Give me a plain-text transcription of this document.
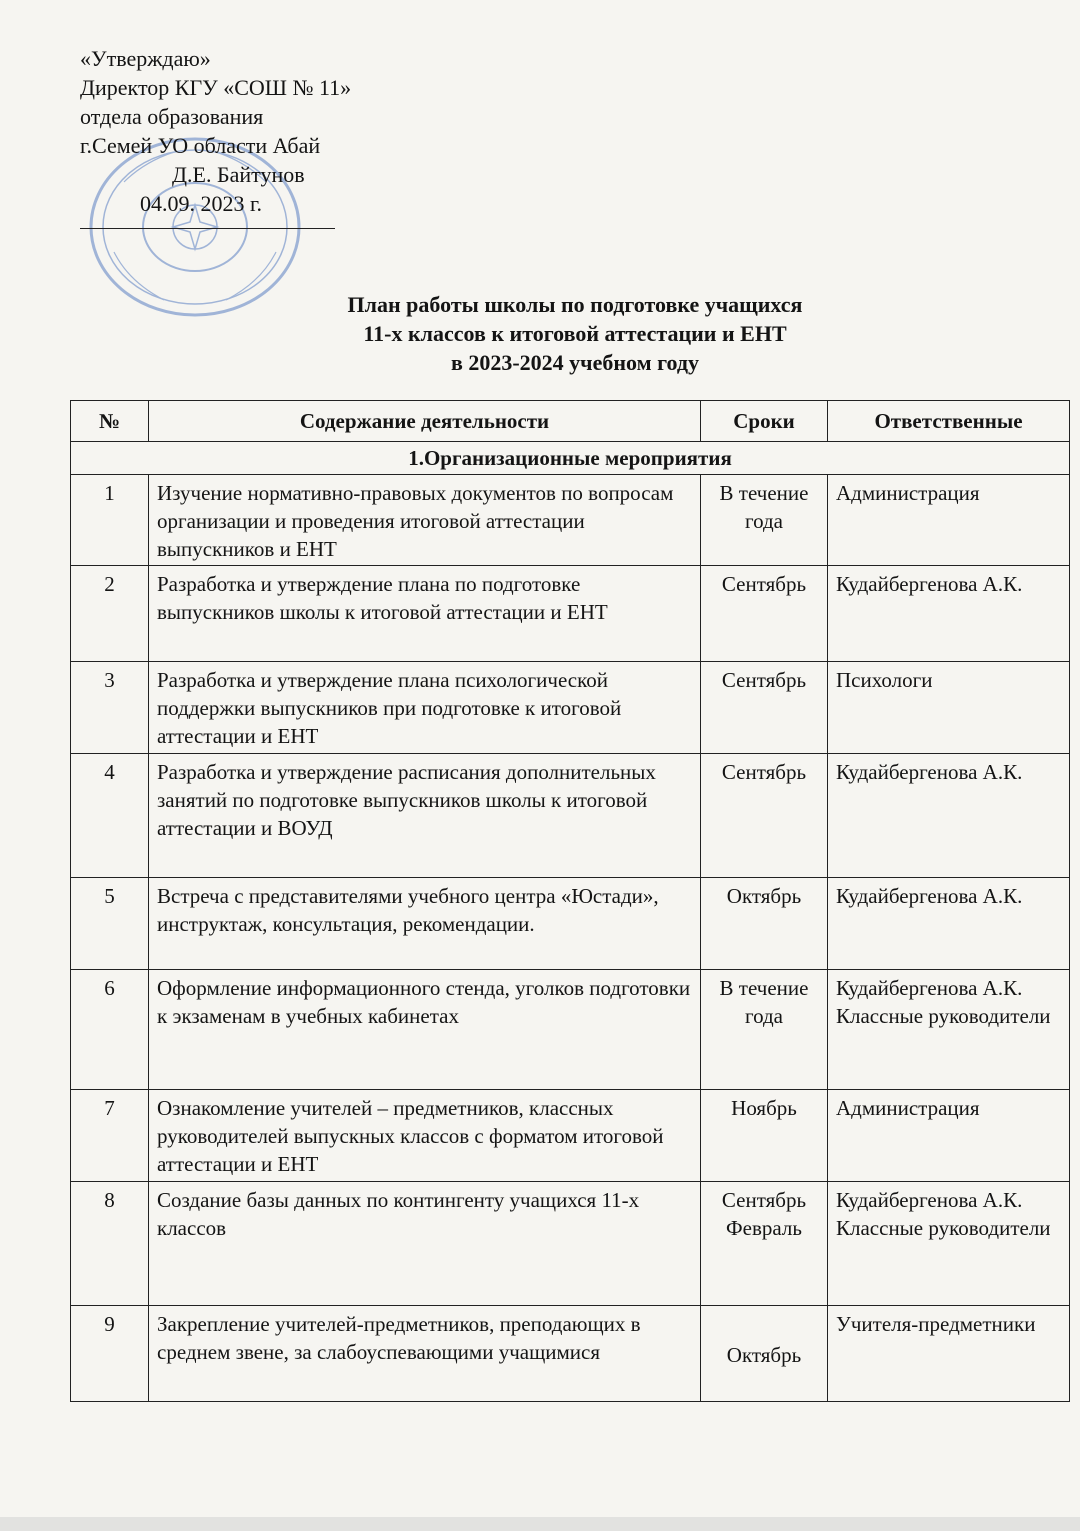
«Утверждаю»
Директор КГУ «СОШ № 11»
отдела образования
г.Семей УО области Абай
Д.Е. Байтунов
04.09. 2023 г.
План работы школы по подготовке учащихся
11-х классов к итоговой аттестации и ЕНТ
в 2023-2024 учебном году
№	Содержание деятельности	Сроки	Ответственные
1.Организационные мероприятия			
1	Изучение нормативно-правовых документов по вопросам организации и проведения итоговой аттестации выпускников и ЕНТ	В течение года	Администрация
2	Разработка и утверждение плана по подготовке выпускников школы к итоговой аттестации и ЕНТ	Сентябрь	Кудайбергенова А.К.
3	Разработка и утверждение плана психологической поддержки выпускников при подготовке к итоговой аттестации и ЕНТ	Сентябрь	Психологи
4	Разработка и утверждение расписания дополнительных занятий по подготовке выпускников школы к итоговой аттестации и ВОУД	Сентябрь	Кудайбергенова А.К.
5	Встреча с представителями учебного центра «Юстади», инструктаж, консультация, рекомендации.	Октябрь	Кудайбергенова А.К.
6	Оформление информационного стенда, уголков подготовки к экзаменам в учебных кабинетах	В течение года	Кудайбергенова А.К. Классные руководители
7	Ознакомление учителей – предметников, классных руководителей выпускных классов с форматом итоговой аттестации и ЕНТ	Ноябрь	Администрация
8	Создание базы данных по контингенту учащихся 11-х классов	Сентябрь Февраль	Кудайбергенова А.К. Классные руководители
9	Закрепление учителей-предметников, преподающих в среднем звене, за слабоуспевающими учащимися	Октябрь	Учителя-предметники
